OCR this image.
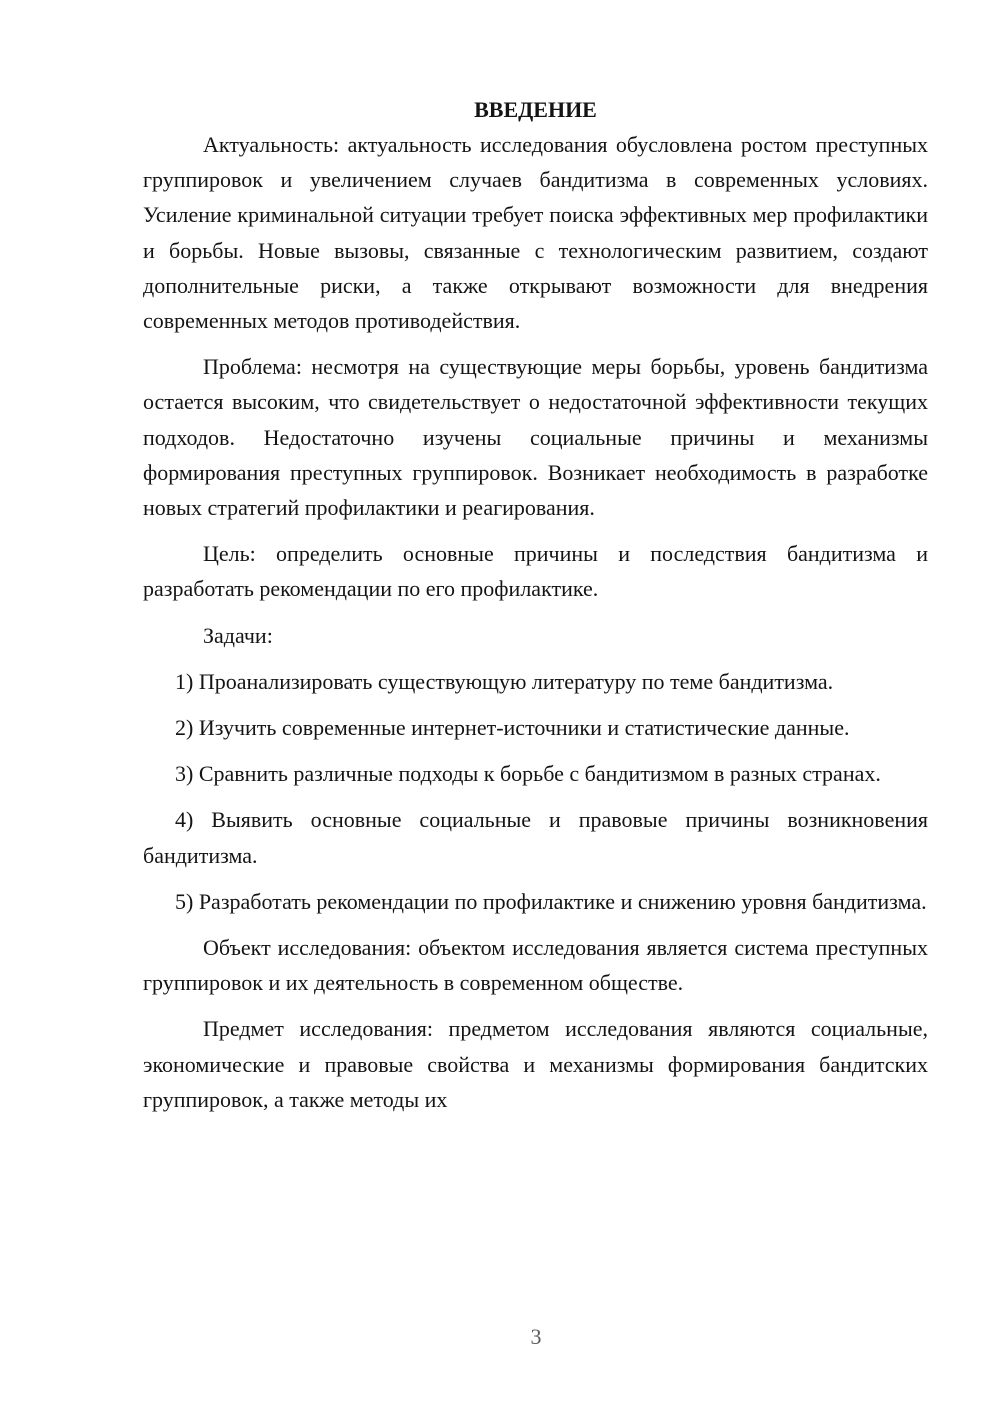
ВВЕДЕНИЕ

Актуальность: актуальность исследования обусловлена ростом преступных группировок и увеличением случаев бандитизма в современных условиях. Усиление криминальной ситуации требует поиска эффективных мер профилактики и борьбы. Новые вызовы, связанные с технологическим развитием, создают дополнительные риски, а также открывают возможности для внедрения современных методов противодействия.

Проблема: несмотря на существующие меры борьбы, уровень бандитизма остается высоким, что свидетельствует о недостаточной эффективности текущих подходов. Недостаточно изучены социальные причины и механизмы формирования преступных группировок. Возникает необходимость в разработке новых стратегий профилактики и реагирования.

Цель: определить основные причины и последствия бандитизма и разработать рекомендации по его профилактике.

Задачи:

1) Проанализировать существующую литературу по теме бандитизма.

2) Изучить современные интернет-источники и статистические данные.

3) Сравнить различные подходы к борьбе с бандитизмом в разных странах.

4) Выявить основные социальные и правовые причины возникновения бандитизма.

5) Разработать рекомендации по профилактике и снижению уровня бандитизма.

Объект исследования: объектом исследования является система преступных группировок и их деятельность в современном обществе.

Предмет исследования: предметом исследования являются социальные, экономические и правовые свойства и механизмы формирования бандитских группировок, а также методы их

3
